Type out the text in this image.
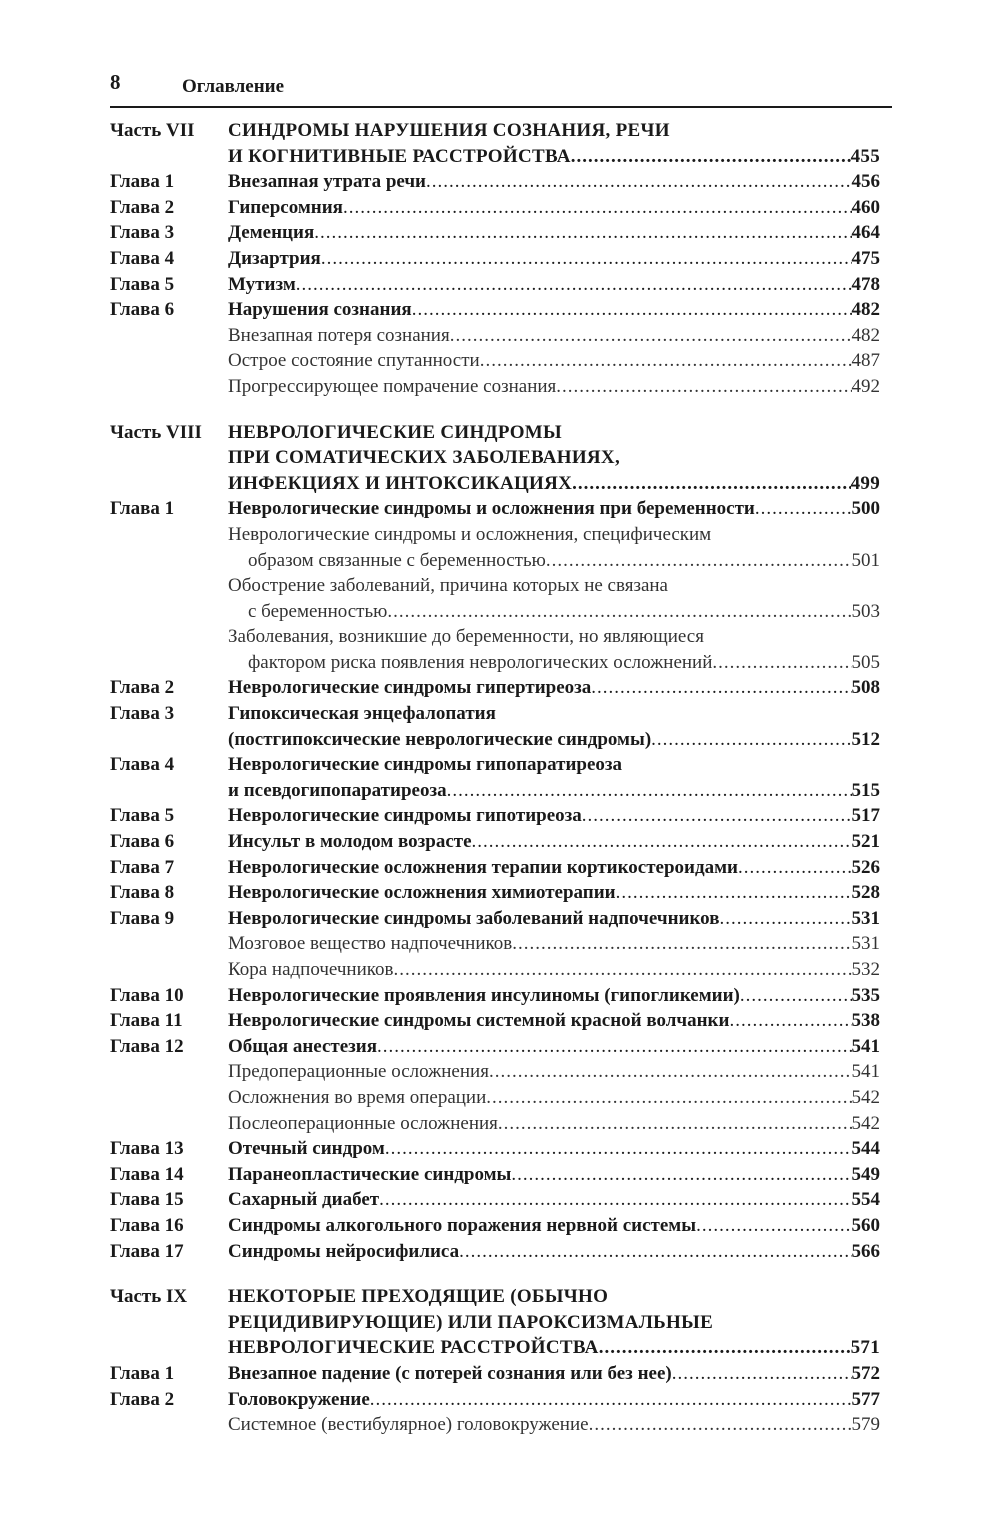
8	Оглавление
Часть VII	СИНДРОМЫ НАРУШЕНИЯ СОЗНАНИЯ, РЕЧИ
И КОГНИТИВНЫЕ РАССТРОЙСТВА .....	455
Глава 1	Внезапная утрата речи .....	456
Глава 2	Гиперсомния .....	460
Глава 3	Деменция .....	464
Глава 4	Дизартрия .....	475
Глава 5	Мутизм .....	478
Глава 6	Нарушения сознания .....	482
Внезапная потеря сознания .....	482
Острое состояние спутанности .....	487
Прогрессирующее помрачение сознания .....	492
Часть VIII	НЕВРОЛОГИЧЕСКИЕ СИНДРОМЫ
ПРИ СОМАТИЧЕСКИХ ЗАБОЛЕВАНИЯХ,
ИНФЕКЦИЯХ И ИНТОКСИКАЦИЯХ .....	499
Глава 1	Неврологические синдромы и осложнения при беременности .....	500
Неврологические синдромы и осложнения, специфическим
образом связанные с беременностью .....	501
Обострение заболеваний, причина которых не связана
с беременностью .....	503
Заболевания, возникшие до беременности, но являющиеся
фактором риска появления неврологических осложнений .....	505
Глава 2	Неврологические синдромы гипертиреоза .....	508
Глава 3	Гипоксическая энцефалопатия
(постгипоксические неврологические синдромы) .....	512
Глава 4	Неврологические синдромы гипопаратиреоза
и псевдогипопаратиреоза .....	515
Глава 5	Неврологические синдромы гипотиреоза .....	517
Глава 6	Инсульт в молодом возрасте .....	521
Глава 7	Неврологические осложнения терапии кортикостероидами .....	526
Глава 8	Неврологические осложнения химиотерапии .....	528
Глава 9	Неврологические синдромы заболеваний надпочечников .....	531
Мозговое вещество надпочечников .....	531
Кора надпочечников .....	532
Глава 10	Неврологические проявления инсулиномы (гипогликемии) .....	535
Глава 11	Неврологические синдромы системной красной волчанки .....	538
Глава 12	Общая анестезия .....	541
Предоперационные осложнения .....	541
Осложнения во время операции .....	542
Послеоперационные осложнения .....	542
Глава 13	Отечный синдром .....	544
Глава 14	Паранеопластические синдромы .....	549
Глава 15	Сахарный диабет .....	554
Глава 16	Синдромы алкогольного поражения нервной системы .....	560
Глава 17	Синдромы нейросифилиса .....	566
Часть IX	НЕКОТОРЫЕ ПРЕХОДЯЩИЕ (ОБЫЧНО
РЕЦИДИВИРУЮЩИЕ) ИЛИ ПАРОКСИЗМАЛЬНЫЕ
НЕВРОЛОГИЧЕСКИЕ РАССТРОЙСТВА .....	571
Глава 1	Внезапное падение (с потерей сознания или без нее) .....	572
Глава 2	Головокружение .....	577
Системное (вестибулярное) головокружение .....	579
